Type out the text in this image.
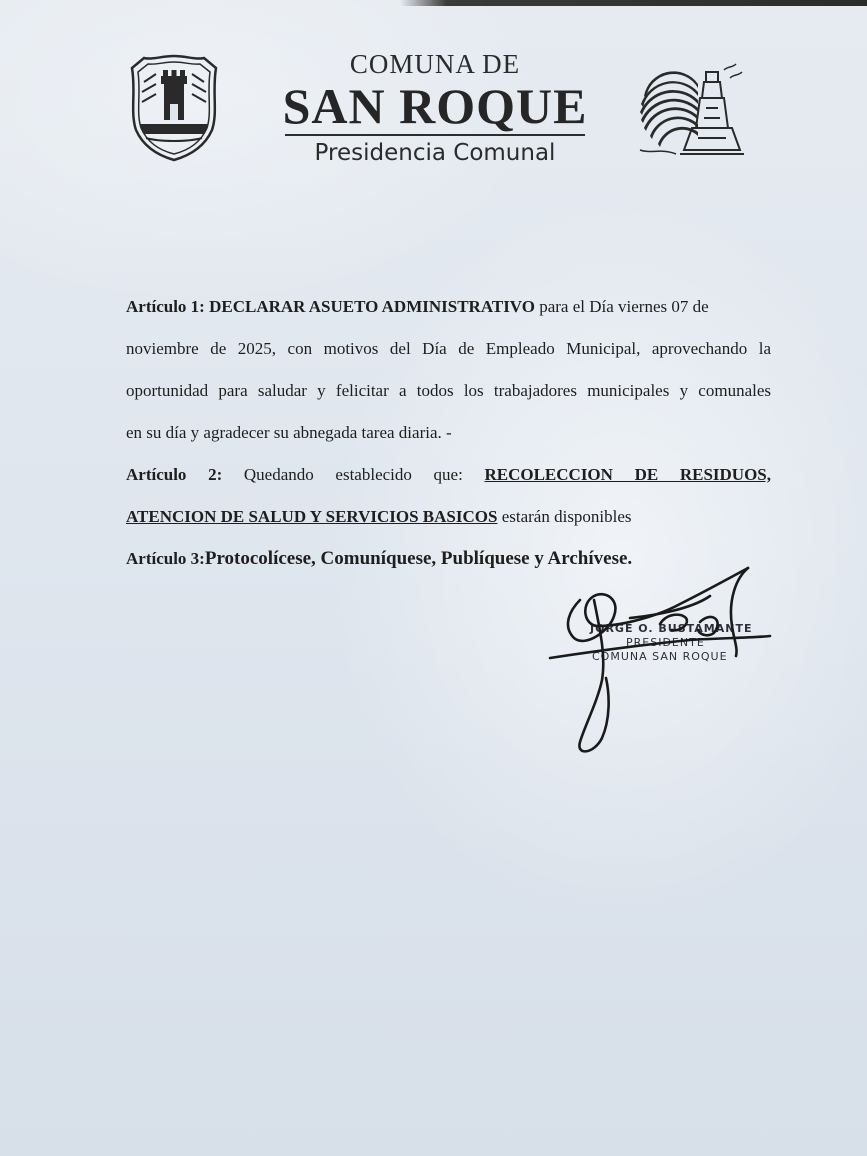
COMUNA DE
SAN ROQUE
Presidencia Comunal
Artículo 1: DECLARAR ASUETO ADMINISTRATIVO para el Día viernes 07 de
noviembre de 2025, con motivos del Día de Empleado Municipal, aprovechando la
oportunidad para saludar y felicitar a todos los trabajadores municipales y comunales
en su día y agradecer su abnegada tarea diaria. -
Artículo 2: Quedando establecido que: RECOLECCION DE RESIDUOS,
ATENCION DE SALUD Y SERVICIOS BASICOS estarán disponibles
Artículo 3:Protocolícese, Comuníquese, Publíquese y Archívese.
JORGE O. BUSTAMANTE
PRESIDENTE
COMUNA SAN ROQUE
